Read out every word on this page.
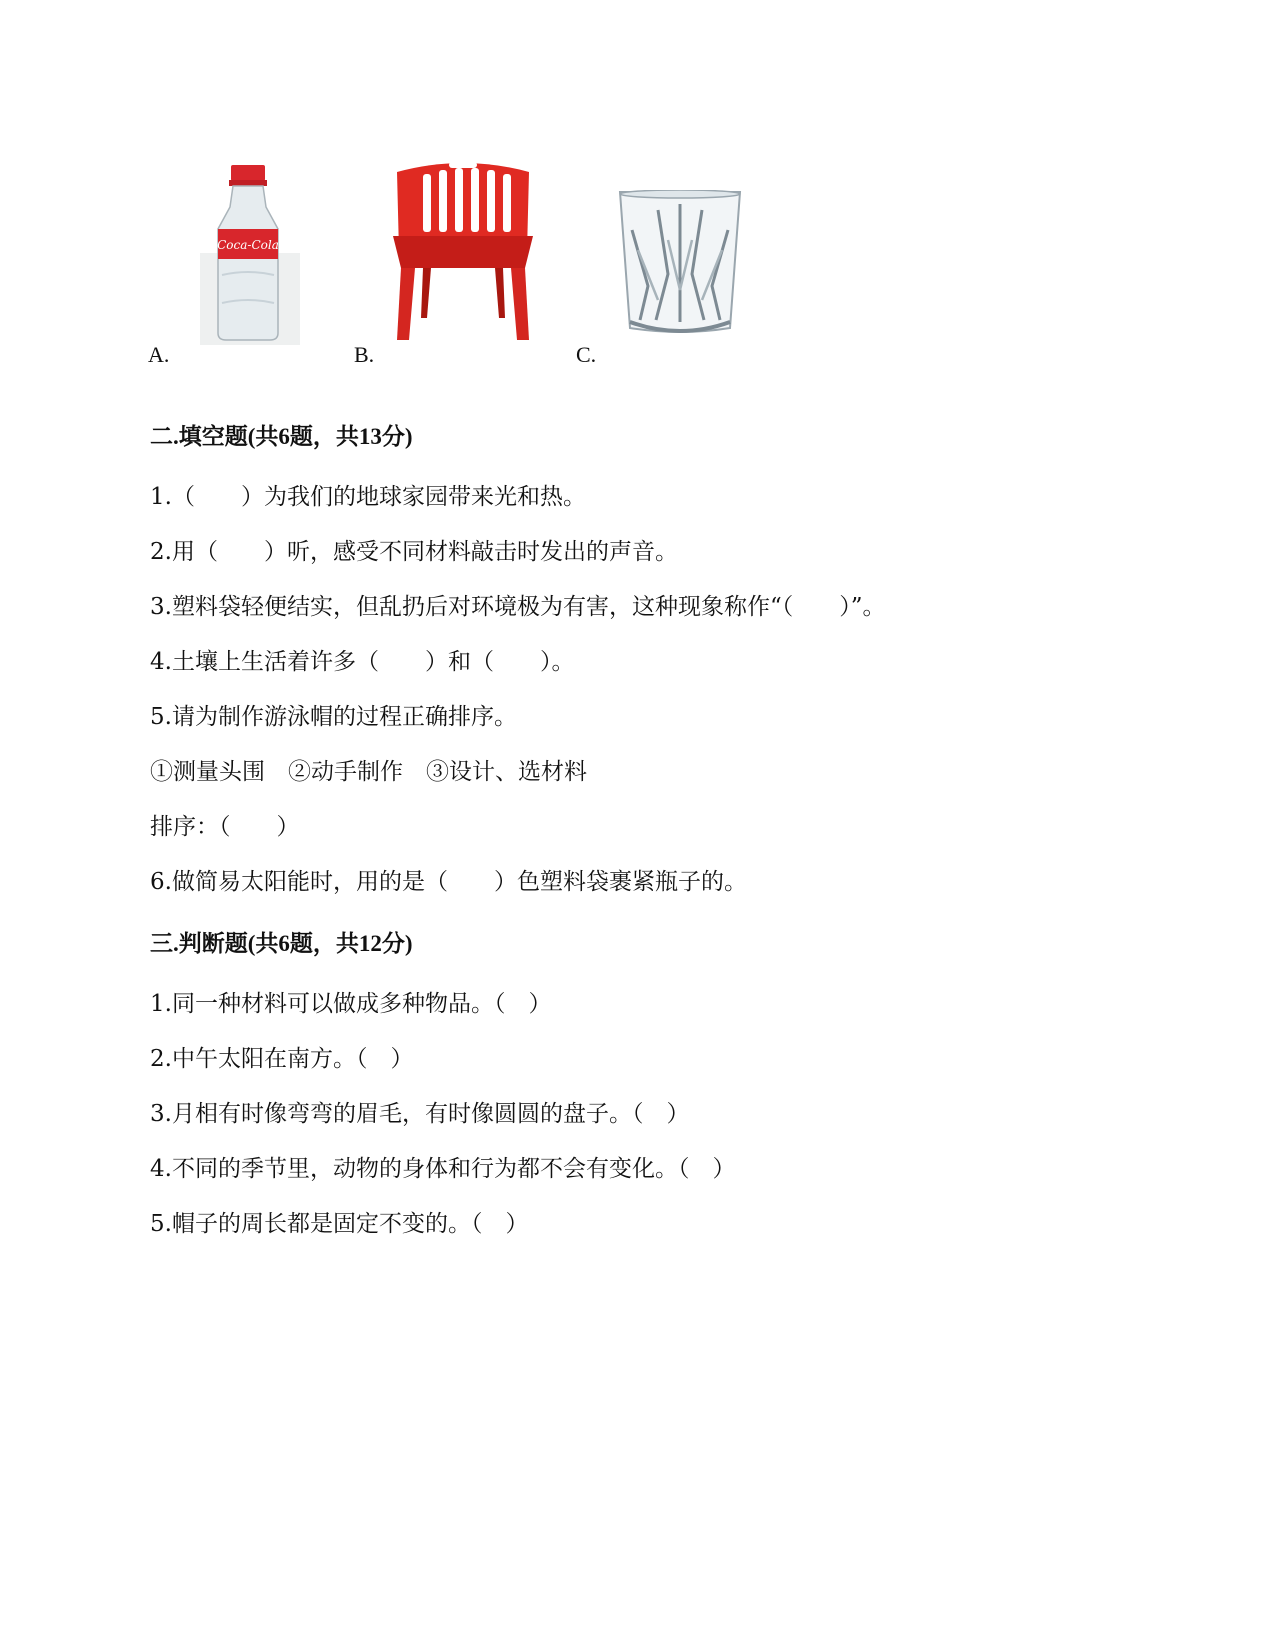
A.
Coca-Cola
B.	C.
二.填空题(共6题，共13分)
1.（　　）为我们的地球家园带来光和热。
2.用（　　）听，感受不同材料敲击时发出的声音。
3.塑料袋轻便结实，但乱扔后对环境极为有害，这种现象称作“（　　）”。
4.土壤上生活着许多（　　）和（　　）。
5.请为制作游泳帽的过程正确排序。
①测量头围　②动手制作　③设计、选材料
排序：（　　）
6.做简易太阳能时，用的是（　　）色塑料袋裹紧瓶子的。
三.判断题(共6题，共12分)
1.同一种材料可以做成多种物品。（　）
2.中午太阳在南方。（　）
3.月相有时像弯弯的眉毛，有时像圆圆的盘子。（　）
4.不同的季节里，动物的身体和行为都不会有变化。（　）
5.帽子的周长都是固定不变的。（　）
